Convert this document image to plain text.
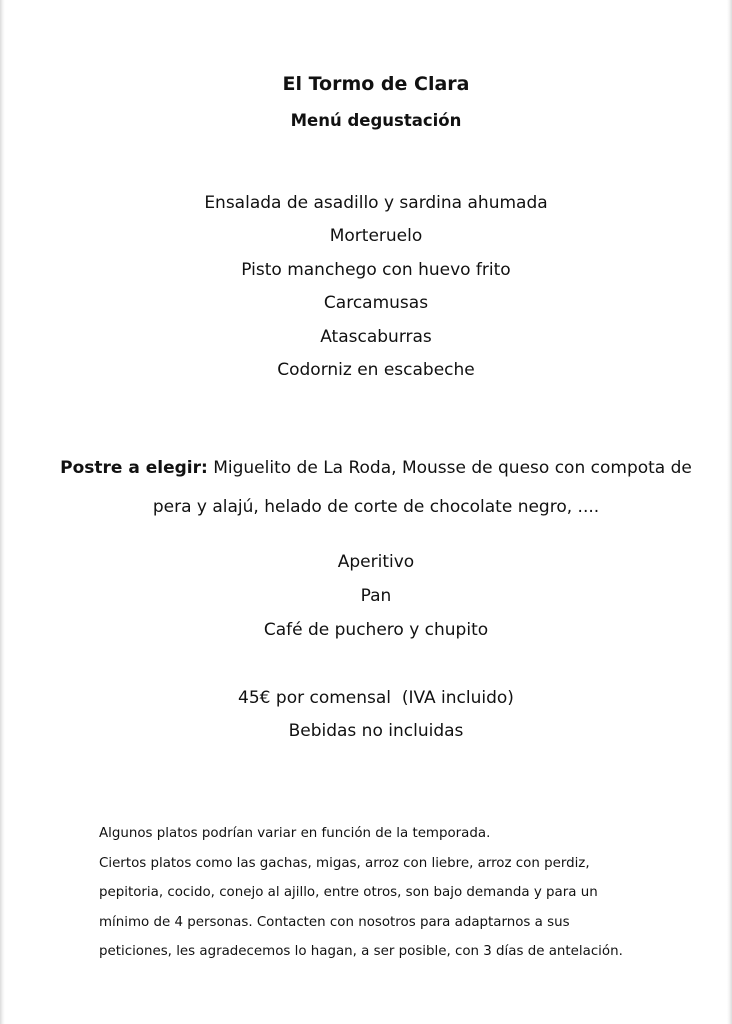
El Tormo de Clara
Menú degustación
Ensalada de asadillo y sardina ahumada
Morteruelo
Pisto manchego con huevo frito
Carcamusas
Atascaburras
Codorniz en escabeche
Postre a elegir: Miguelito de La Roda, Mousse de queso con compota de pera y alajú, helado de corte de chocolate negro, ....
Aperitivo
Pan
Café de puchero y chupito
45€ por comensal  (IVA incluido)
Bebidas no incluidas
Algunos platos podrían variar en función de la temporada.
Ciertos platos como las gachas, migas, arroz con liebre, arroz con perdiz,
pepitoria, cocido, conejo al ajillo, entre otros, son bajo demanda y para un
mínimo de 4 personas. Contacten con nosotros para adaptarnos a sus
peticiones, les agradecemos lo hagan, a ser posible, con 3 días de antelación.
